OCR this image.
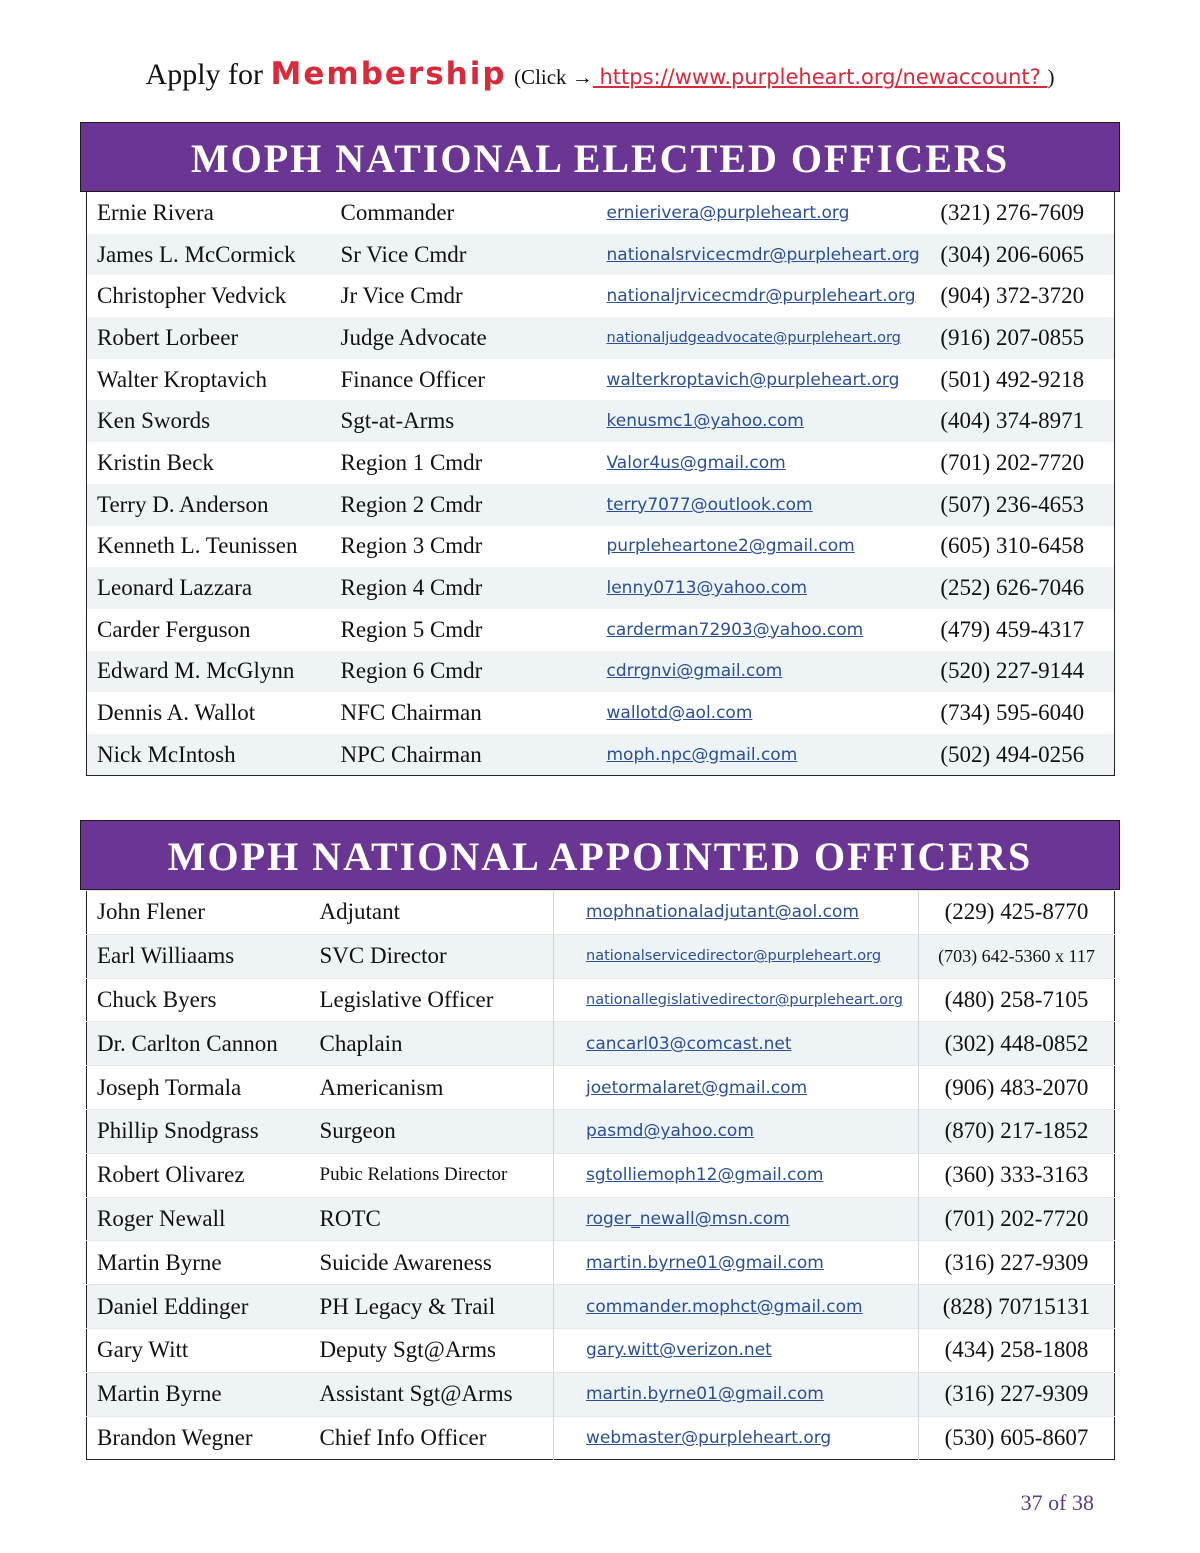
Apply for Membership (Click → https://www.purpleheart.org/newaccount? )
MOPH NATIONAL ELECTED OFFICERS
Ernie Rivera	Commander	ernierivera@purpleheart.org	(321) 276-7609
James L. McCormick	Sr Vice Cmdr	nationalsrvicecmdr@purpleheart.org	(304) 206-6065
Christopher Vedvick	Jr Vice Cmdr	nationaljrvicecmdr@purpleheart.org	(904) 372-3720
Robert Lorbeer	Judge Advocate	nationaljudgeadvocate@purpleheart.org	(916) 207-0855
Walter Kroptavich	Finance Officer	walterkroptavich@purpleheart.org	(501) 492-9218
Ken Swords	Sgt-at-Arms	kenusmc1@yahoo.com	(404) 374-8971
Kristin Beck	Region 1 Cmdr	Valor4us@gmail.com	(701) 202-7720
Terry D. Anderson	Region 2 Cmdr	terry7077@outlook.com	(507) 236-4653
Kenneth L. Teunissen	Region 3 Cmdr	purpleheartone2@gmail.com	(605) 310-6458
Leonard Lazzara	Region 4 Cmdr	lenny0713@yahoo.com	(252) 626-7046
Carder Ferguson	Region 5 Cmdr	carderman72903@yahoo.com	(479) 459-4317
Edward M. McGlynn	Region 6 Cmdr	cdrrgnvi@gmail.com	(520) 227-9144
Dennis A. Wallot	NFC Chairman	wallotd@aol.com	(734) 595-6040
Nick McIntosh	NPC Chairman	moph.npc@gmail.com	(502) 494-0256
MOPH NATIONAL APPOINTED OFFICERS
John Flener	Adjutant	mophnationaladjutant@aol.com	(229) 425-8770
Earl Williaams	SVC Director	nationalservicedirector@purpleheart.org	(703) 642-5360 x 117
Chuck Byers	Legislative Officer	nationallegislativedirector@purpleheart.org	(480) 258-7105
Dr. Carlton Cannon	Chaplain	cancarl03@comcast.net	(302) 448-0852
Joseph Tormala	Americanism	joetormalaret@gmail.com	(906) 483-2070
Phillip Snodgrass	Surgeon	pasmd@yahoo.com	(870) 217-1852
Robert Olivarez	Pubic Relations Director	sgtolliemoph12@gmail.com	(360) 333-3163
Roger Newall	ROTC	roger_newall@msn.com	(701) 202-7720
Martin Byrne	Suicide Awareness	martin.byrne01@gmail.com	(316) 227-9309
Daniel Eddinger	PH Legacy & Trail	commander.mophct@gmail.com	(828) 70715131
Gary Witt	Deputy Sgt@Arms	gary.witt@verizon.net	(434) 258-1808
Martin Byrne	Assistant Sgt@Arms	martin.byrne01@gmail.com	(316) 227-9309
Brandon Wegner	Chief Info Officer	webmaster@purpleheart.org	(530) 605-8607
37 of 38
